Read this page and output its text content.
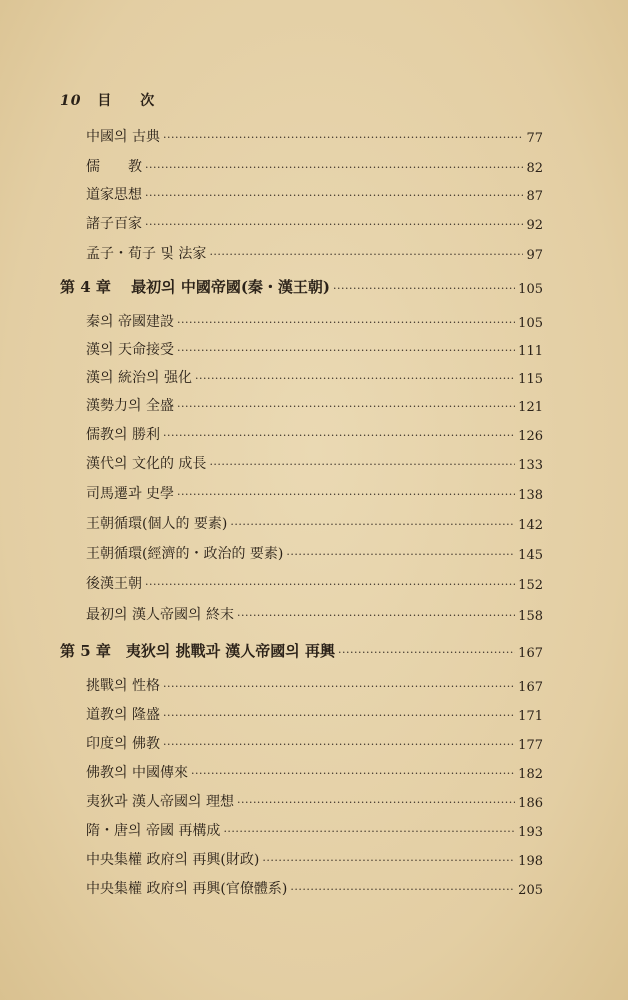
10 目 次
中國의 古典 ·····	77
儒　　教 ·····	82
道家思想 ·····	87
諸子百家 ·····	92
孟子・荀子 및 法家 ·····	97
第 4 章　 最初의 中國帝國(秦・漢王朝) ·····	105
秦의 帝國建設 ·····	105
漢의 天命接受 ·····	111
漢의 統治의 强化 ·····	115
漢勢力의 全盛 ·····	121
儒教의 勝利 ·····	126
漢代의 文化的 成長 ·····	133
司馬遷과 史學 ·····	138
王朝循環(個人的 要素) ·····	142
王朝循環(經濟的・政治的 要素) ·····	145
後漢王朝 ·····	152
最初의 漢人帝國의 終末 ·····	158
第 5 章　夷狄의 挑戰과 漢人帝國의 再興 ·····	167
挑戰의 性格 ·····	167
道教의 隆盛 ·····	171
印度의 佛教 ·····	177
佛教의 中國傳來 ·····	182
夷狄과 漢人帝國의 理想 ·····	186
隋・唐의 帝國 再構成 ·····	193
中央集權 政府의 再興(財政) ·····	198
中央集權 政府의 再興(官僚體系) ·····	205
